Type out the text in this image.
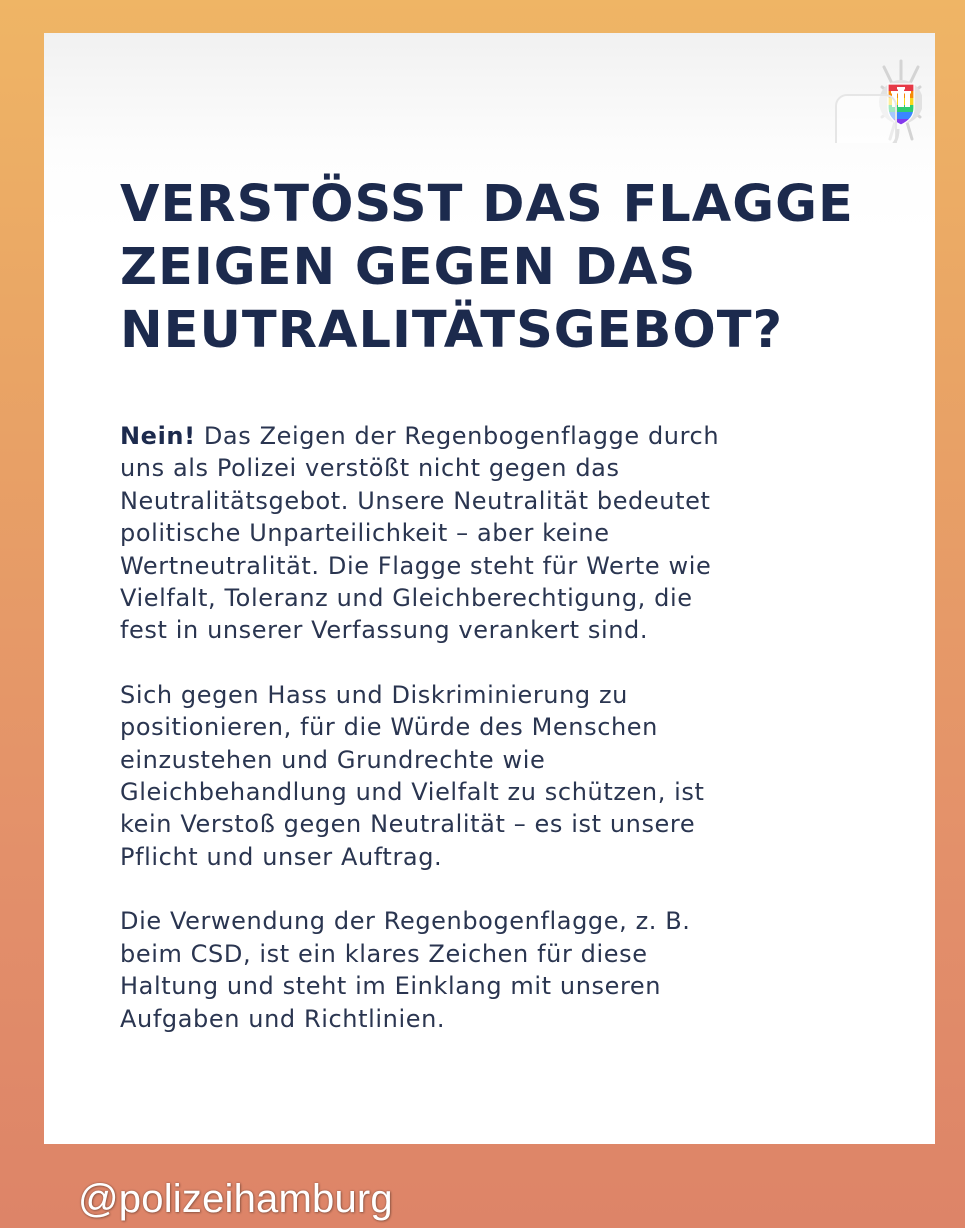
VERSTÖSST DAS FLAGGE
ZEIGEN GEGEN DAS
NEUTRALITÄTSGEBOT?

Nein! Das Zeigen der Regenbogenflagge durch
uns als Polizei verstößt nicht gegen das
Neutralitätsgebot. Unsere Neutralität bedeutet
politische Unparteilichkeit – aber keine
Wertneutralität. Die Flagge steht für Werte wie
Vielfalt, Toleranz und Gleichberechtigung, die
fest in unserer Verfassung verankert sind.

Sich gegen Hass und Diskriminierung zu
positionieren, für die Würde des Menschen
einzustehen und Grundrechte wie
Gleichbehandlung und Vielfalt zu schützen, ist
kein Verstoß gegen Neutralität – es ist unsere
Pflicht und unser Auftrag.

Die Verwendung der Regenbogenflagge, z. B.
beim CSD, ist ein klares Zeichen für diese
Haltung und steht im Einklang mit unseren
Aufgaben und Richtlinien.

@polizeihamburg
